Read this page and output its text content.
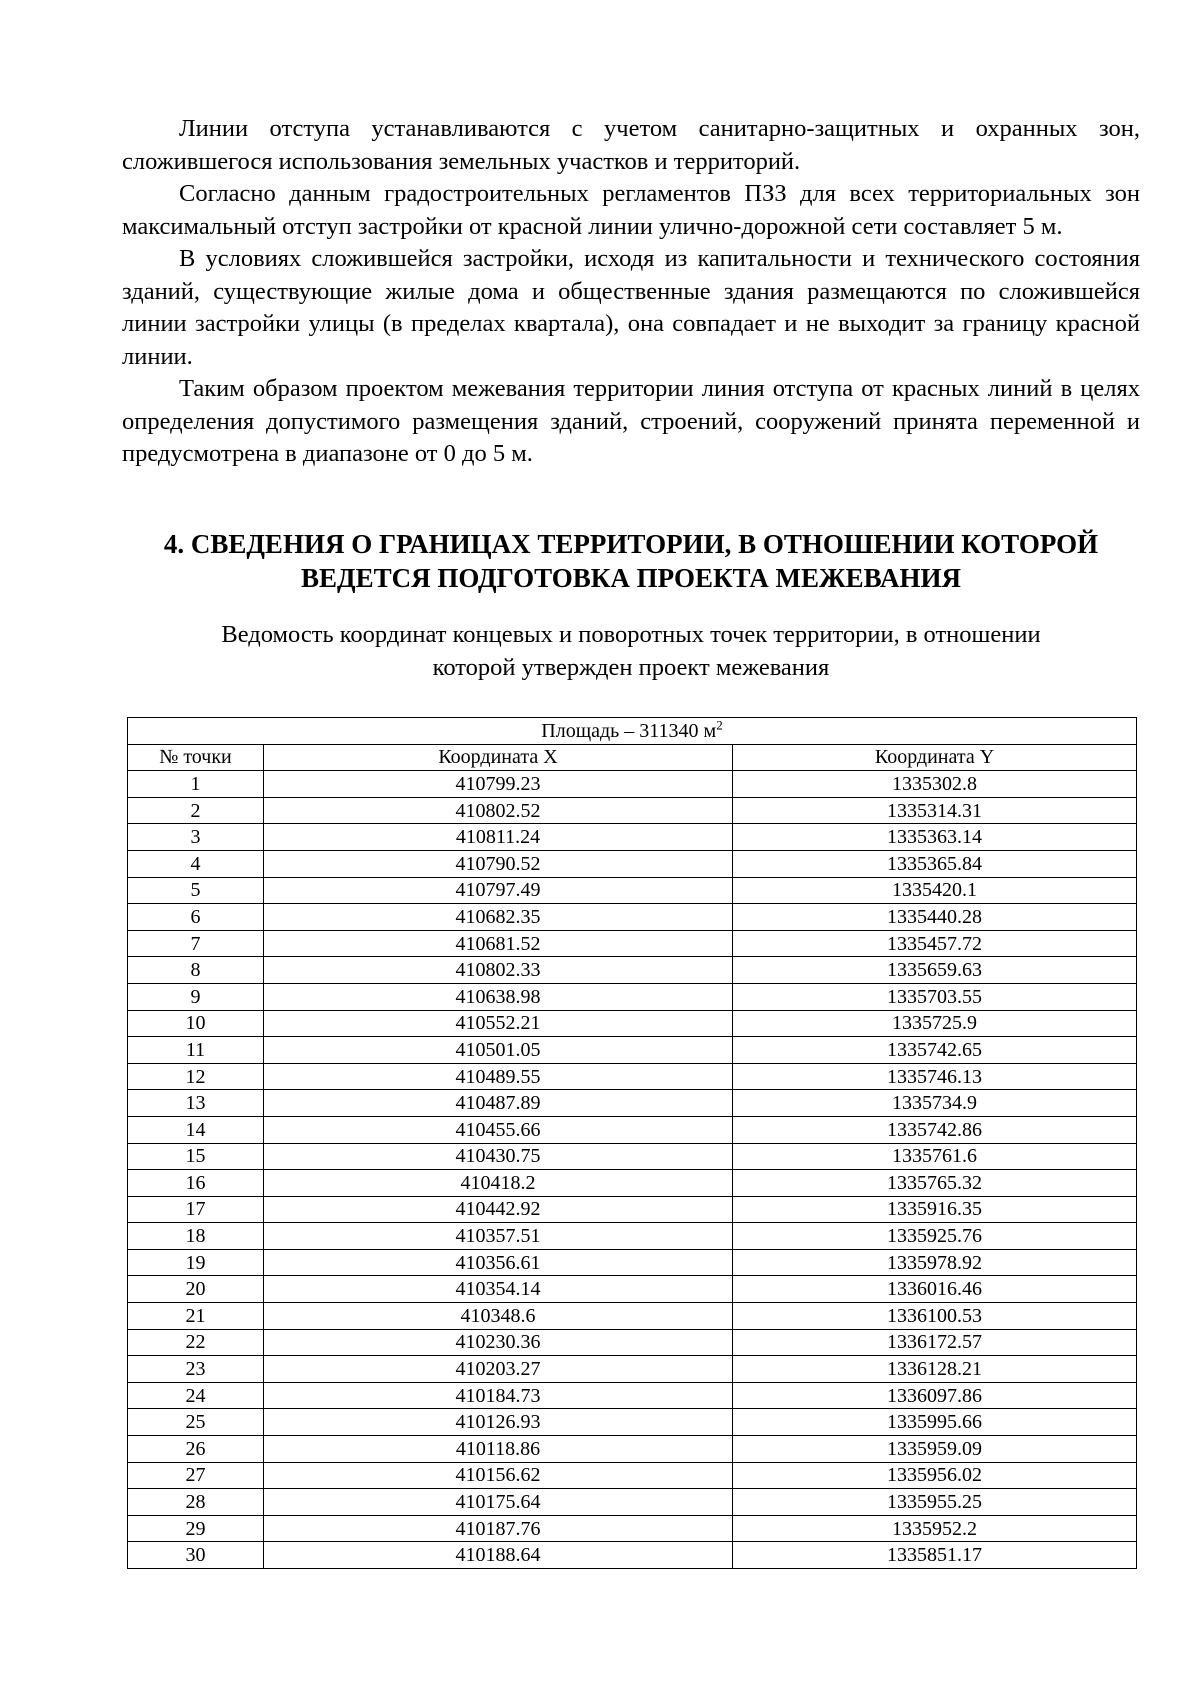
Линии отступа устанавливаются с учетом санитарно-защитных и охранных зон, сложившегося использования земельных участков и территорий.

Согласно данным градостроительных регламентов ПЗЗ для всех территориальных зон максимальный отступ застройки от красной линии улично-дорожной сети составляет 5 м.

В условиях сложившейся застройки, исходя из капитальности и технического состояния зданий, существующие жилые дома и общественные здания размещаются по сложившейся линии застройки улицы (в пределах квартала), она совпадает и не выходит за границу красной линии.

Таким образом проектом межевания территории линия отступа от красных линий в целях определения допустимого размещения зданий, строений, сооружений принята переменной и предусмотрена в диапазоне от 0 до 5 м.

4. СВЕДЕНИЯ О ГРАНИЦАХ ТЕРРИТОРИИ, В ОТНОШЕНИИ КОТОРОЙ
ВЕДЕТСЯ ПОДГОТОВКА ПРОЕКТА МЕЖЕВАНИЯ

Ведомость координат концевых и поворотных точек территории, в отношении
которой утвержден проект межевания

Площадь – 311340 $м^2$
№ точки	Координата X	Координата Y
1	410799.23	1335302.8
2	410802.52	1335314.31
3	410811.24	1335363.14
4	410790.52	1335365.84
5	410797.49	1335420.1
6	410682.35	1335440.28
7	410681.52	1335457.72
8	410802.33	1335659.63
9	410638.98	1335703.55
10	410552.21	1335725.9
11	410501.05	1335742.65
12	410489.55	1335746.13
13	410487.89	1335734.9
14	410455.66	1335742.86
15	410430.75	1335761.6
16	410418.2	1335765.32
17	410442.92	1335916.35
18	410357.51	1335925.76
19	410356.61	1335978.92
20	410354.14	1336016.46
21	410348.6	1336100.53
22	410230.36	1336172.57
23	410203.27	1336128.21
24	410184.73	1336097.86
25	410126.93	1335995.66
26	410118.86	1335959.09
27	410156.62	1335956.02
28	410175.64	1335955.25
29	410187.76	1335952.2
30	410188.64	1335851.17
